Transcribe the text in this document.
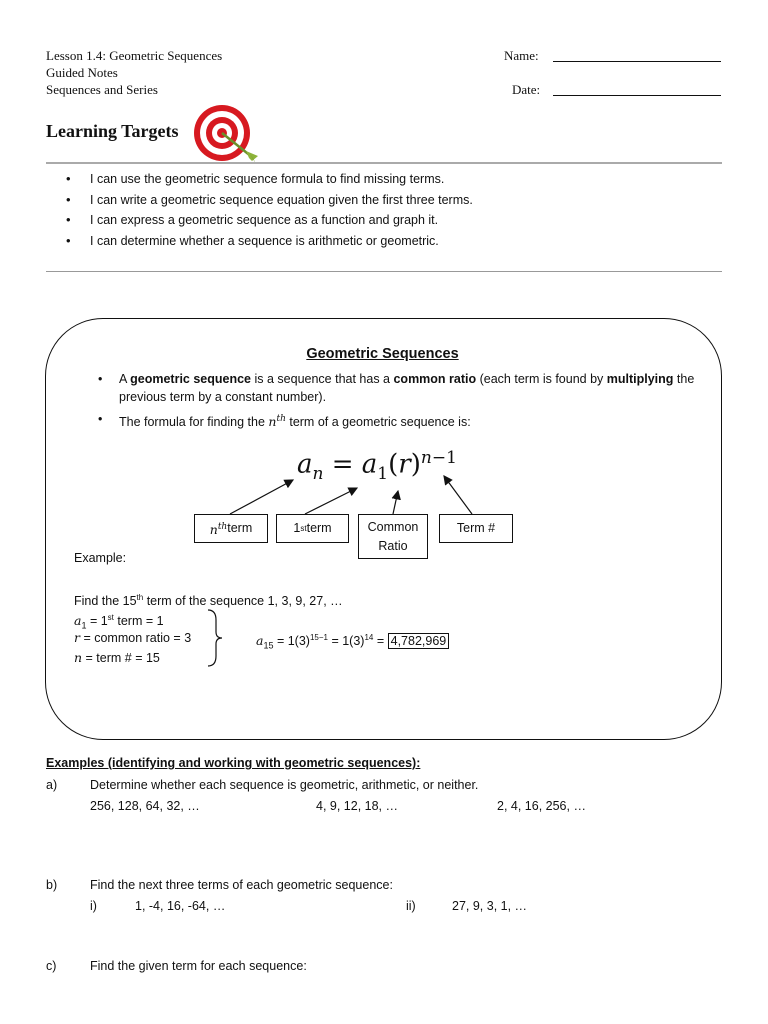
Lesson 1.4: Geometric Sequences
Guided Notes
Sequences and Series
Name:
Date:
Learning Targets
• I can use the geometric sequence formula to find missing terms.
• I can write a geometric sequence equation given the first three terms.
• I can express a geometric sequence as a function and graph it.
• I can determine whether a sequence is arithmetic or geometric.
Geometric Sequences
• A geometric sequence is a sequence that has a common ratio (each term is found by multiplying the previous term by a constant number).
• The formula for finding the $n^{th}$ term of a geometric sequence is:
$a_n = a_1(r)^{n-1}$
$n^{th}$ term	1 st term	Common Ratio
Term #
Example:
Find the 15th term of the sequence 1, 3, 9, 27, …
$a_1 = 1st$ term = 1
r = common ratio = 3
n = term # = 15
$a_{15} = 1(3)^{15-1} = 1(3)^{14} = 4,782,969$
Examples (identifying and working with geometric sequences):
a)	Determine whether each sequence is geometric, arithmetic, or neither.
256, 128, 64, 32, …	4, 9, 12, 18, …	2, 4, 16, 256, …
b)	Find the next three terms of each geometric sequence:
i)	1, -4, 16, -64, …	ii)	27, 9, 3, 1, …
c)	Find the given term for each sequence:
